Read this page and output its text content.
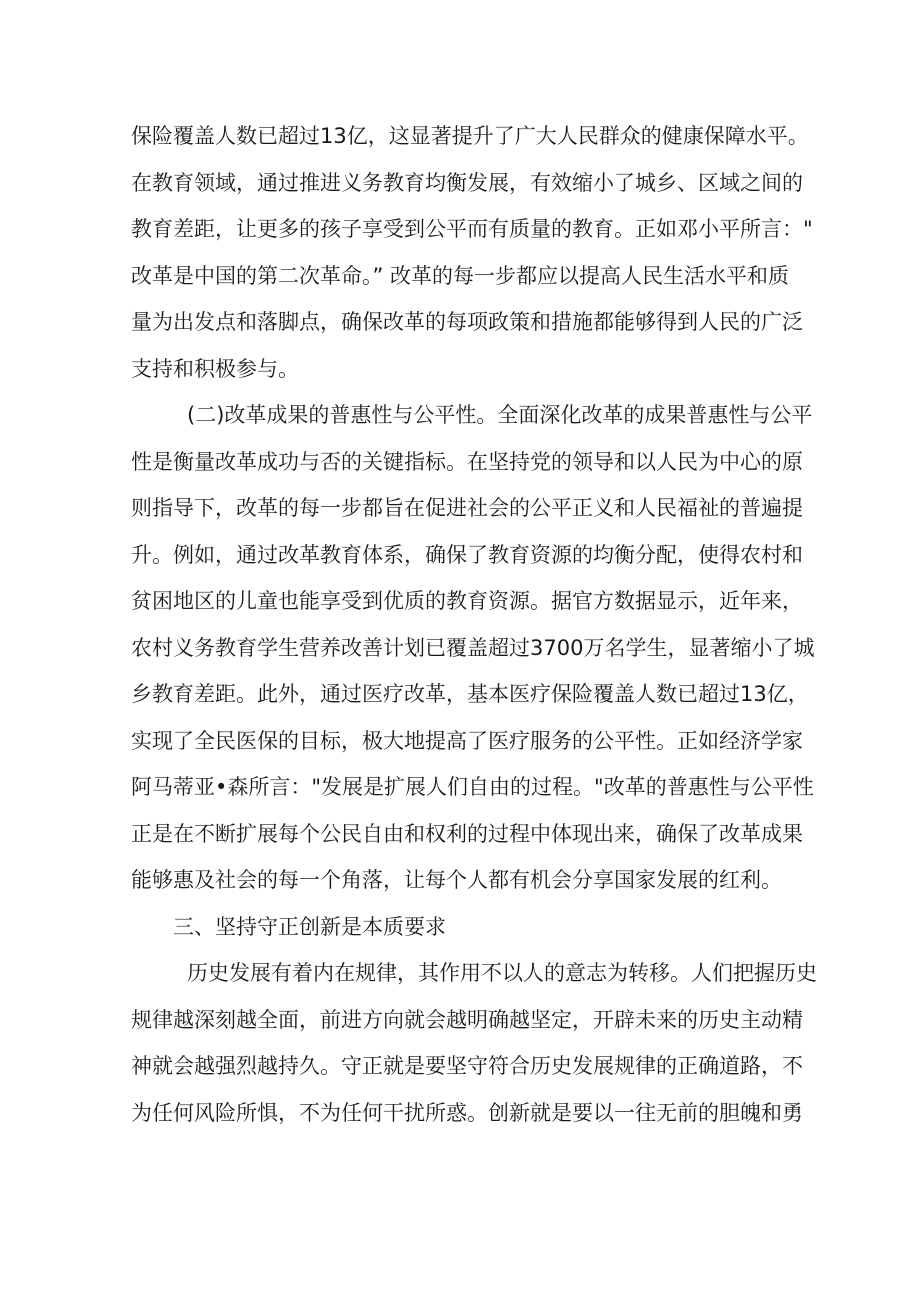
保险覆盖人数已超过13亿，这显著提升了广大人民群众的健康保障水平。
在教育领域，通过推进义务教育均衡发展，有效缩小了城乡、区域之间的
教育差距，让更多的孩子享受到公平而有质量的教育。正如邓小平所言："
改革是中国的第二次革命。” 改革的每一步都应以提高人民生活水平和质
量为出发点和落脚点，确保改革的每项政策和措施都能够得到人民的广泛
支持和积极参与。
(二)改革成果的普惠性与公平性。全面深化改革的成果普惠性与公平
性是衡量改革成功与否的关键指标。在坚持党的领导和以人民为中心的原
则指导下，改革的每一步都旨在促进社会的公平正义和人民福祉的普遍提
升。例如，通过改革教育体系，确保了教育资源的均衡分配，使得农村和
贫困地区的儿童也能享受到优质的教育资源。据官方数据显示，近年来，
农村义务教育学生营养改善计划已覆盖超过3700万名学生，显著缩小了城
乡教育差距。此外，通过医疗改革，基本医疗保险覆盖人数已超过13亿，
实现了全民医保的目标，极大地提高了医疗服务的公平性。正如经济学家
阿马蒂亚•森所言："发展是扩展人们自由的过程。"改革的普惠性与公平性
正是在不断扩展每个公民自由和权利的过程中体现出来，确保了改革成果
能够惠及社会的每一个角落，让每个人都有机会分享国家发展的红利。
三、坚持守正创新是本质要求
历史发展有着内在规律，其作用不以人的意志为转移。人们把握历史
规律越深刻越全面，前进方向就会越明确越坚定，开辟未来的历史主动精
神就会越强烈越持久。守正就是要坚守符合历史发展规律的正确道路，不
为任何风险所惧，不为任何干扰所惑。创新就是要以一往无前的胆魄和勇
